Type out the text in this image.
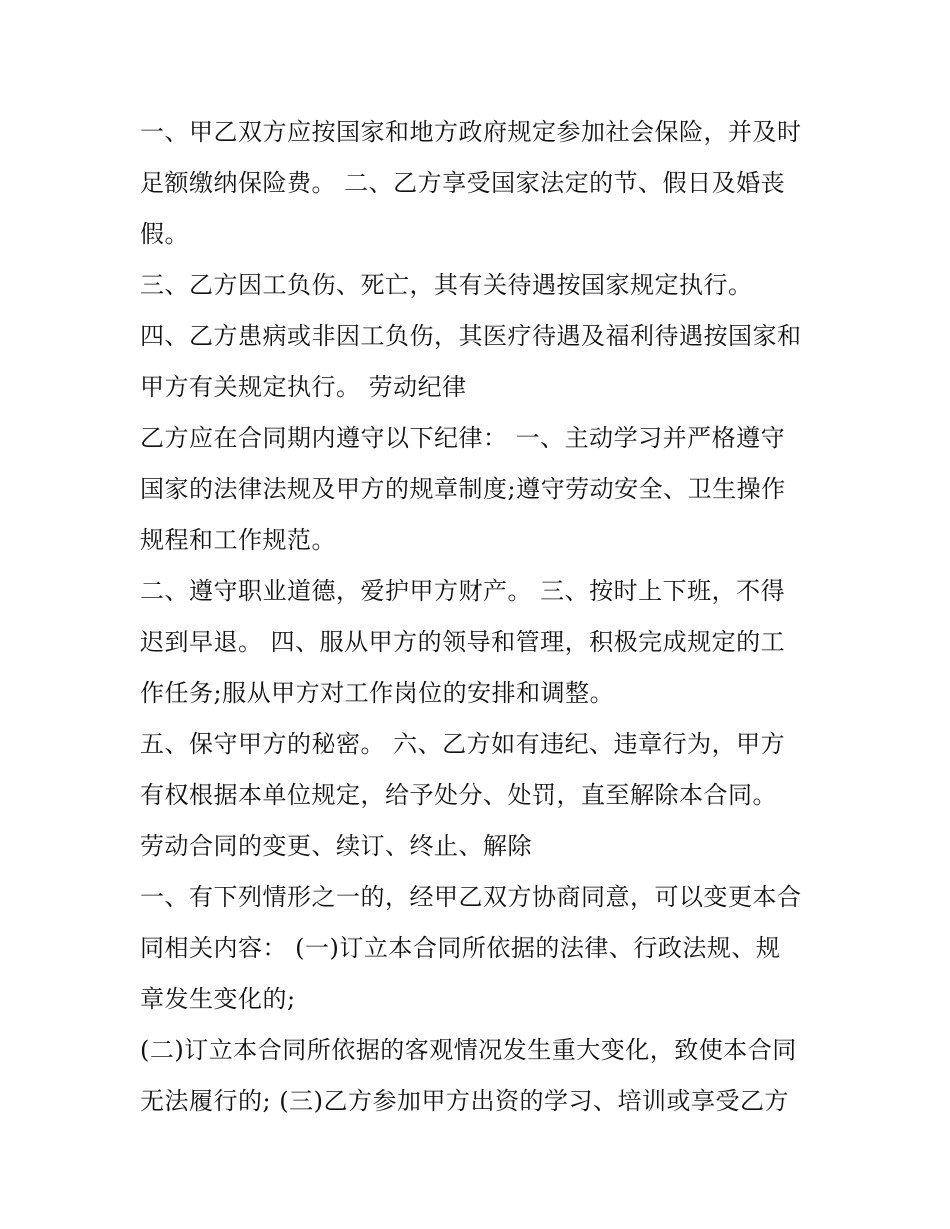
一、甲乙双方应按国家和地方政府规定参加社会保险，并及时
足额缴纳保险费。 二、乙方享受国家法定的节、假日及婚丧
假。
三、乙方因工负伤、死亡，其有关待遇按国家规定执行。
四、乙方患病或非因工负伤，其医疗待遇及福利待遇按国家和
甲方有关规定执行。 劳动纪律
乙方应在合同期内遵守以下纪律： 一、主动学习并严格遵守
国家的法律法规及甲方的规章制度;遵守劳动安全、卫生操作
规程和工作规范。
二、遵守职业道德，爱护甲方财产。 三、按时上下班，不得
迟到早退。 四、服从甲方的领导和管理，积极完成规定的工
作任务;服从甲方对工作岗位的安排和调整。
五、保守甲方的秘密。 六、乙方如有违纪、违章行为，甲方
有权根据本单位规定，给予处分、处罚，直至解除本合同。
劳动合同的变更、续订、终止、解除
一、有下列情形之一的，经甲乙双方协商同意，可以变更本合
同相关内容： (一)订立本合同所依据的法律、行政法规、规
章发生变化的;
(二)订立本合同所依据的客观情况发生重大变化，致使本合同
无法履行的; (三)乙方参加甲方出资的学习、培训或享受乙方
